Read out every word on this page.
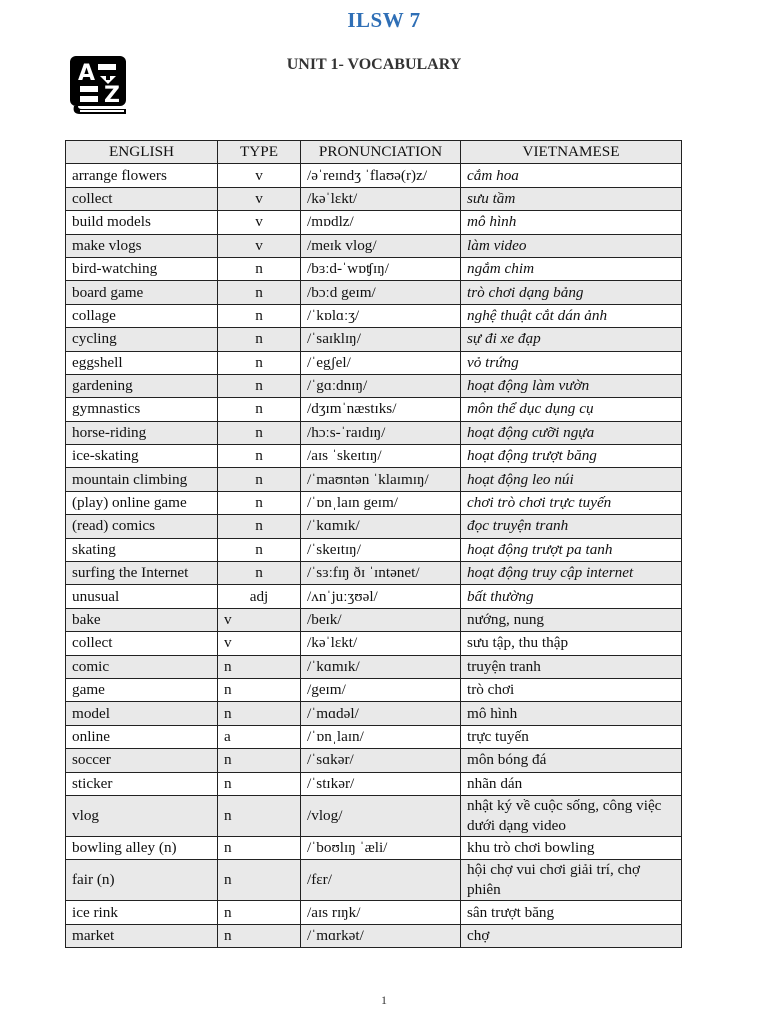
ILSW 7
UNIT 1- VOCABULARY
A
Z
ENGLISH	TYPE	PRONUNCIATION	VIETNAMESE
arrange flowers	v	/əˈreɪndʒ ˈflaʊə(r)z/	cắm hoa
collect	v	/kəˈlɛkt/	sưu tầm
build models	v	/mɒdlz/	mô hình
make vlogs	v	/meɪk vlog/	làm video
bird-watching	n	/bɜːd-ˈwɒʧɪŋ/	ngắm chim
board game	n	/bɔːd geɪm/	trò chơi dạng bảng
collage	n	/ˈkɒlɑːʒ/	nghệ thuật cắt dán ảnh
cycling	n	/ˈsaɪklɪŋ/	sự đi xe đạp
eggshell	n	/ˈegʃel/	vỏ trứng
gardening	n	/ˈgɑːdnɪŋ/	hoạt động làm vườn
gymnastics	n	/dʒɪmˈnæstɪks/	môn thể dục dụng cụ
horse-riding	n	/hɔːs-ˈraɪdɪŋ/	hoạt động cưỡi ngựa
ice-skating	n	/aɪs ˈskeɪtɪŋ/	hoạt động trượt băng
mountain climbing	n	/ˈmaʊntən ˈklaɪmɪŋ/	hoạt động leo núi
(play) online game	n	/ˈɒnˌlaɪn geɪm/	chơi trò chơi trực tuyến
(read) comics	n	/ˈkɑmɪk/	đọc truyện tranh
skating	n	/ˈskeɪtɪŋ/	hoạt động trượt pa tanh
surfing the Internet	n	/ˈsɜːfɪŋ ðɪ ˈɪntənet/	hoạt động truy cập internet
unusual	adj	/ʌnˈjuːʒʊəl/	bất thường
bake	v	/beɪk/	nướng, nung
collect	v	/kəˈlɛkt/	sưu tập, thu thập
comic	n	/ˈkɑmɪk/	truyện tranh
game	n	/geɪm/	trò chơi
model	n	/ˈmɑdəl/	mô hình
online	a	/ˈɒnˌlaɪn/	trực tuyến
soccer	n	/ˈsɑkər/	môn bóng đá
sticker	n	/ˈstɪkər/	nhãn dán
vlog	n	/vlog/	nhật ký về cuộc sống, công việc dưới dạng video
bowling alley (n)	n	/ˈboʊlɪŋ ˈæli/	khu trò chơi bowling
fair (n)	n	/fɛr/	hội chợ vui chơi giải trí, chợ phiên
ice rink	n	/aɪs rɪŋk/	sân trượt băng
market	n	/ˈmɑrkət/	chợ
1
